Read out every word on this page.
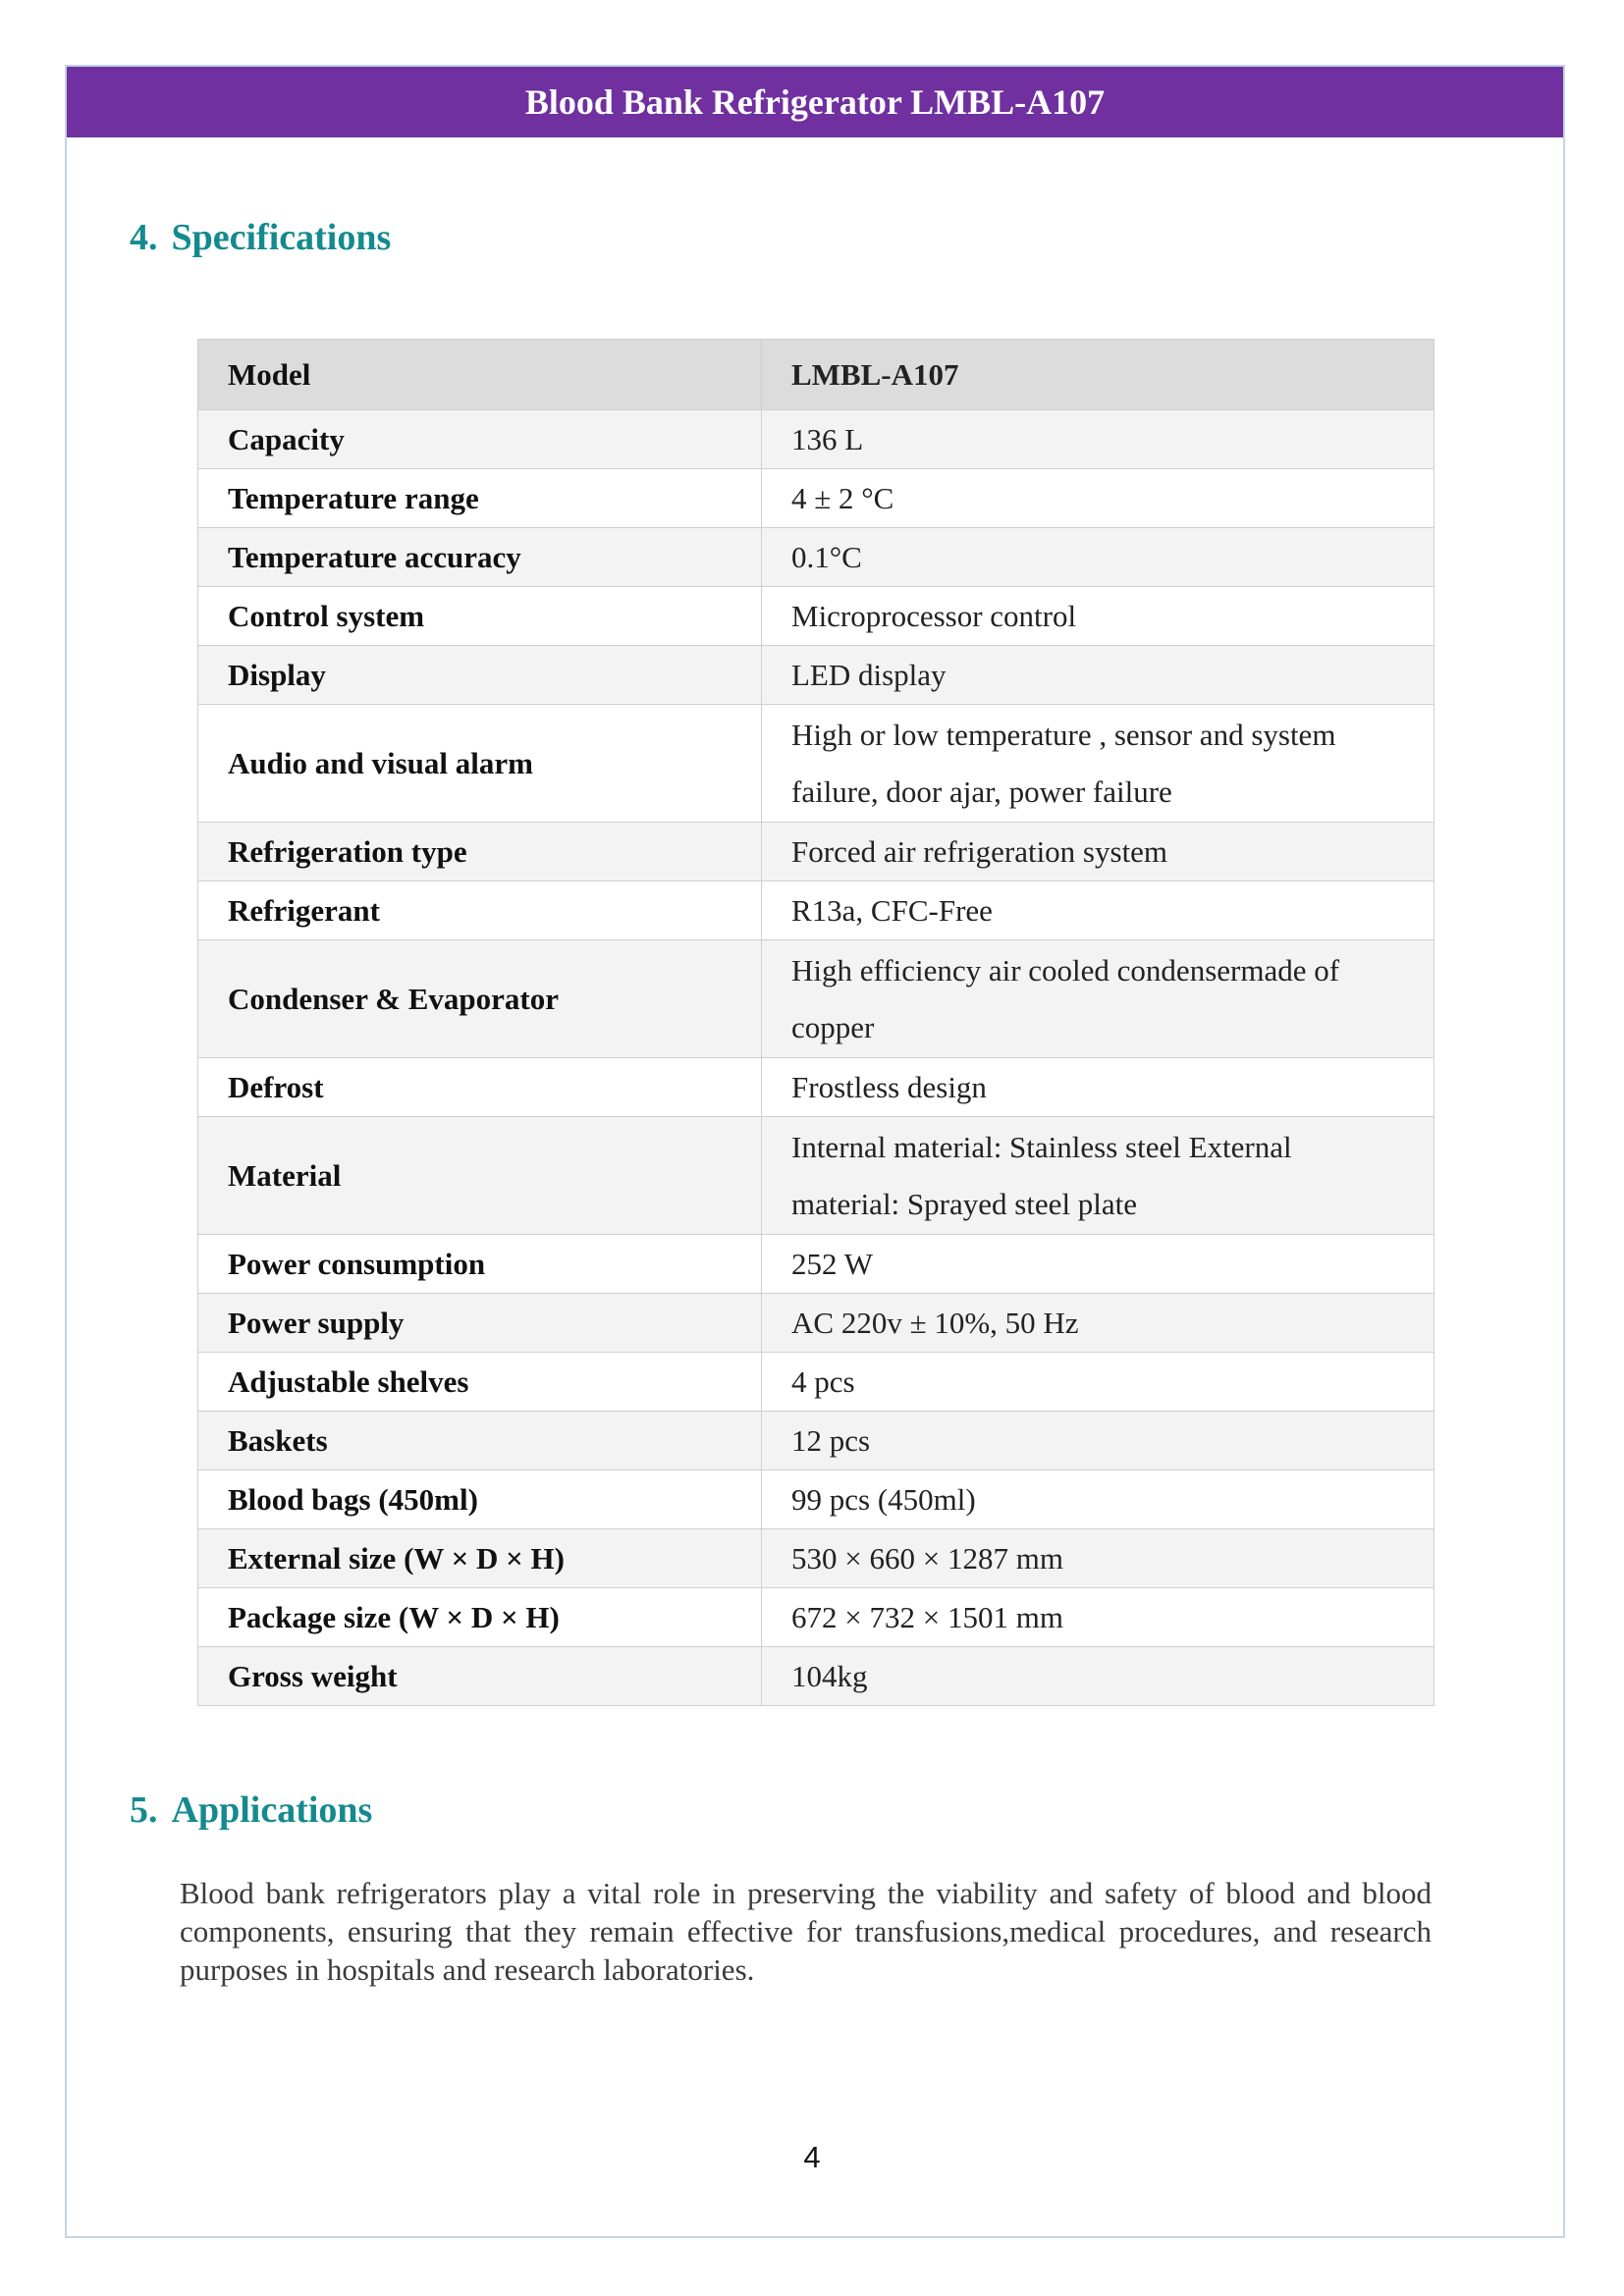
Blood Bank Refrigerator LMBL-A107
4. Specifications
Model	LMBL-A107
Capacity	136 L
Temperature range	4 ± 2 °C
Temperature accuracy	0.1°C
Control system	Microprocessor control
Display	LED display
Audio and visual alarm	High or low temperature , sensor and system failure, door ajar, power failure
Refrigeration type	Forced air refrigeration system
Refrigerant	R13a, CFC-Free
Condenser & Evaporator	High efficiency air cooled condensermade of copper
Defrost	Frostless design
Material	Internal material: Stainless steel External material: Sprayed steel plate
Power consumption	252 W
Power supply	AC 220v ± 10%, 50 Hz
Adjustable shelves	4 pcs
Baskets	12 pcs
Blood bags (450ml)	99 pcs (450ml)
External size (W × D × H)	530 × 660 × 1287 mm
Package size (W × D × H)	672 × 732 × 1501 mm
Gross weight	104kg
5. Applications

Blood bank refrigerators play a vital role in preserving the viability and safety of blood and blood components, ensuring that they remain effective for transfusions,medical procedures, and research purposes in hospitals and research laboratories.

4
